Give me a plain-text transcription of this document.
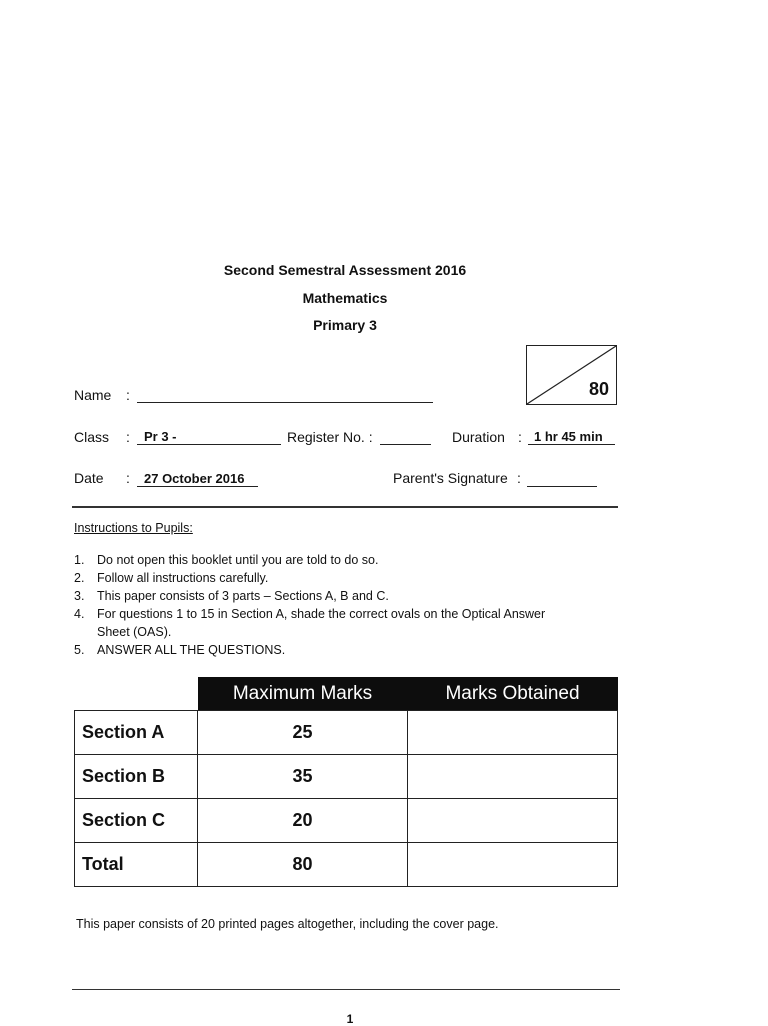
Second Semestral Assessment 2016
Mathematics
Primary 3
80
Name :
Class : Pr 3 -	Register No. :	Duration : 1 hr 45 min
Date : 27 October 2016	Parent's Signature :
Instructions to Pupils:
1. Do not open this booklet until you are told to do so.
2. Follow all instructions carefully.
3. This paper consists of 3 parts – Sections A, B and C.
4. For questions 1 to 15 in Section A, shade the correct ovals on the Optical Answer
Sheet (OAS).
5. ANSWER ALL THE QUESTIONS.
	Maximum Marks	Marks Obtained
Section A	25	
Section B	35	
Section C	20	
Total	80	
This paper consists of 20 printed pages altogether, including the cover page.
1
